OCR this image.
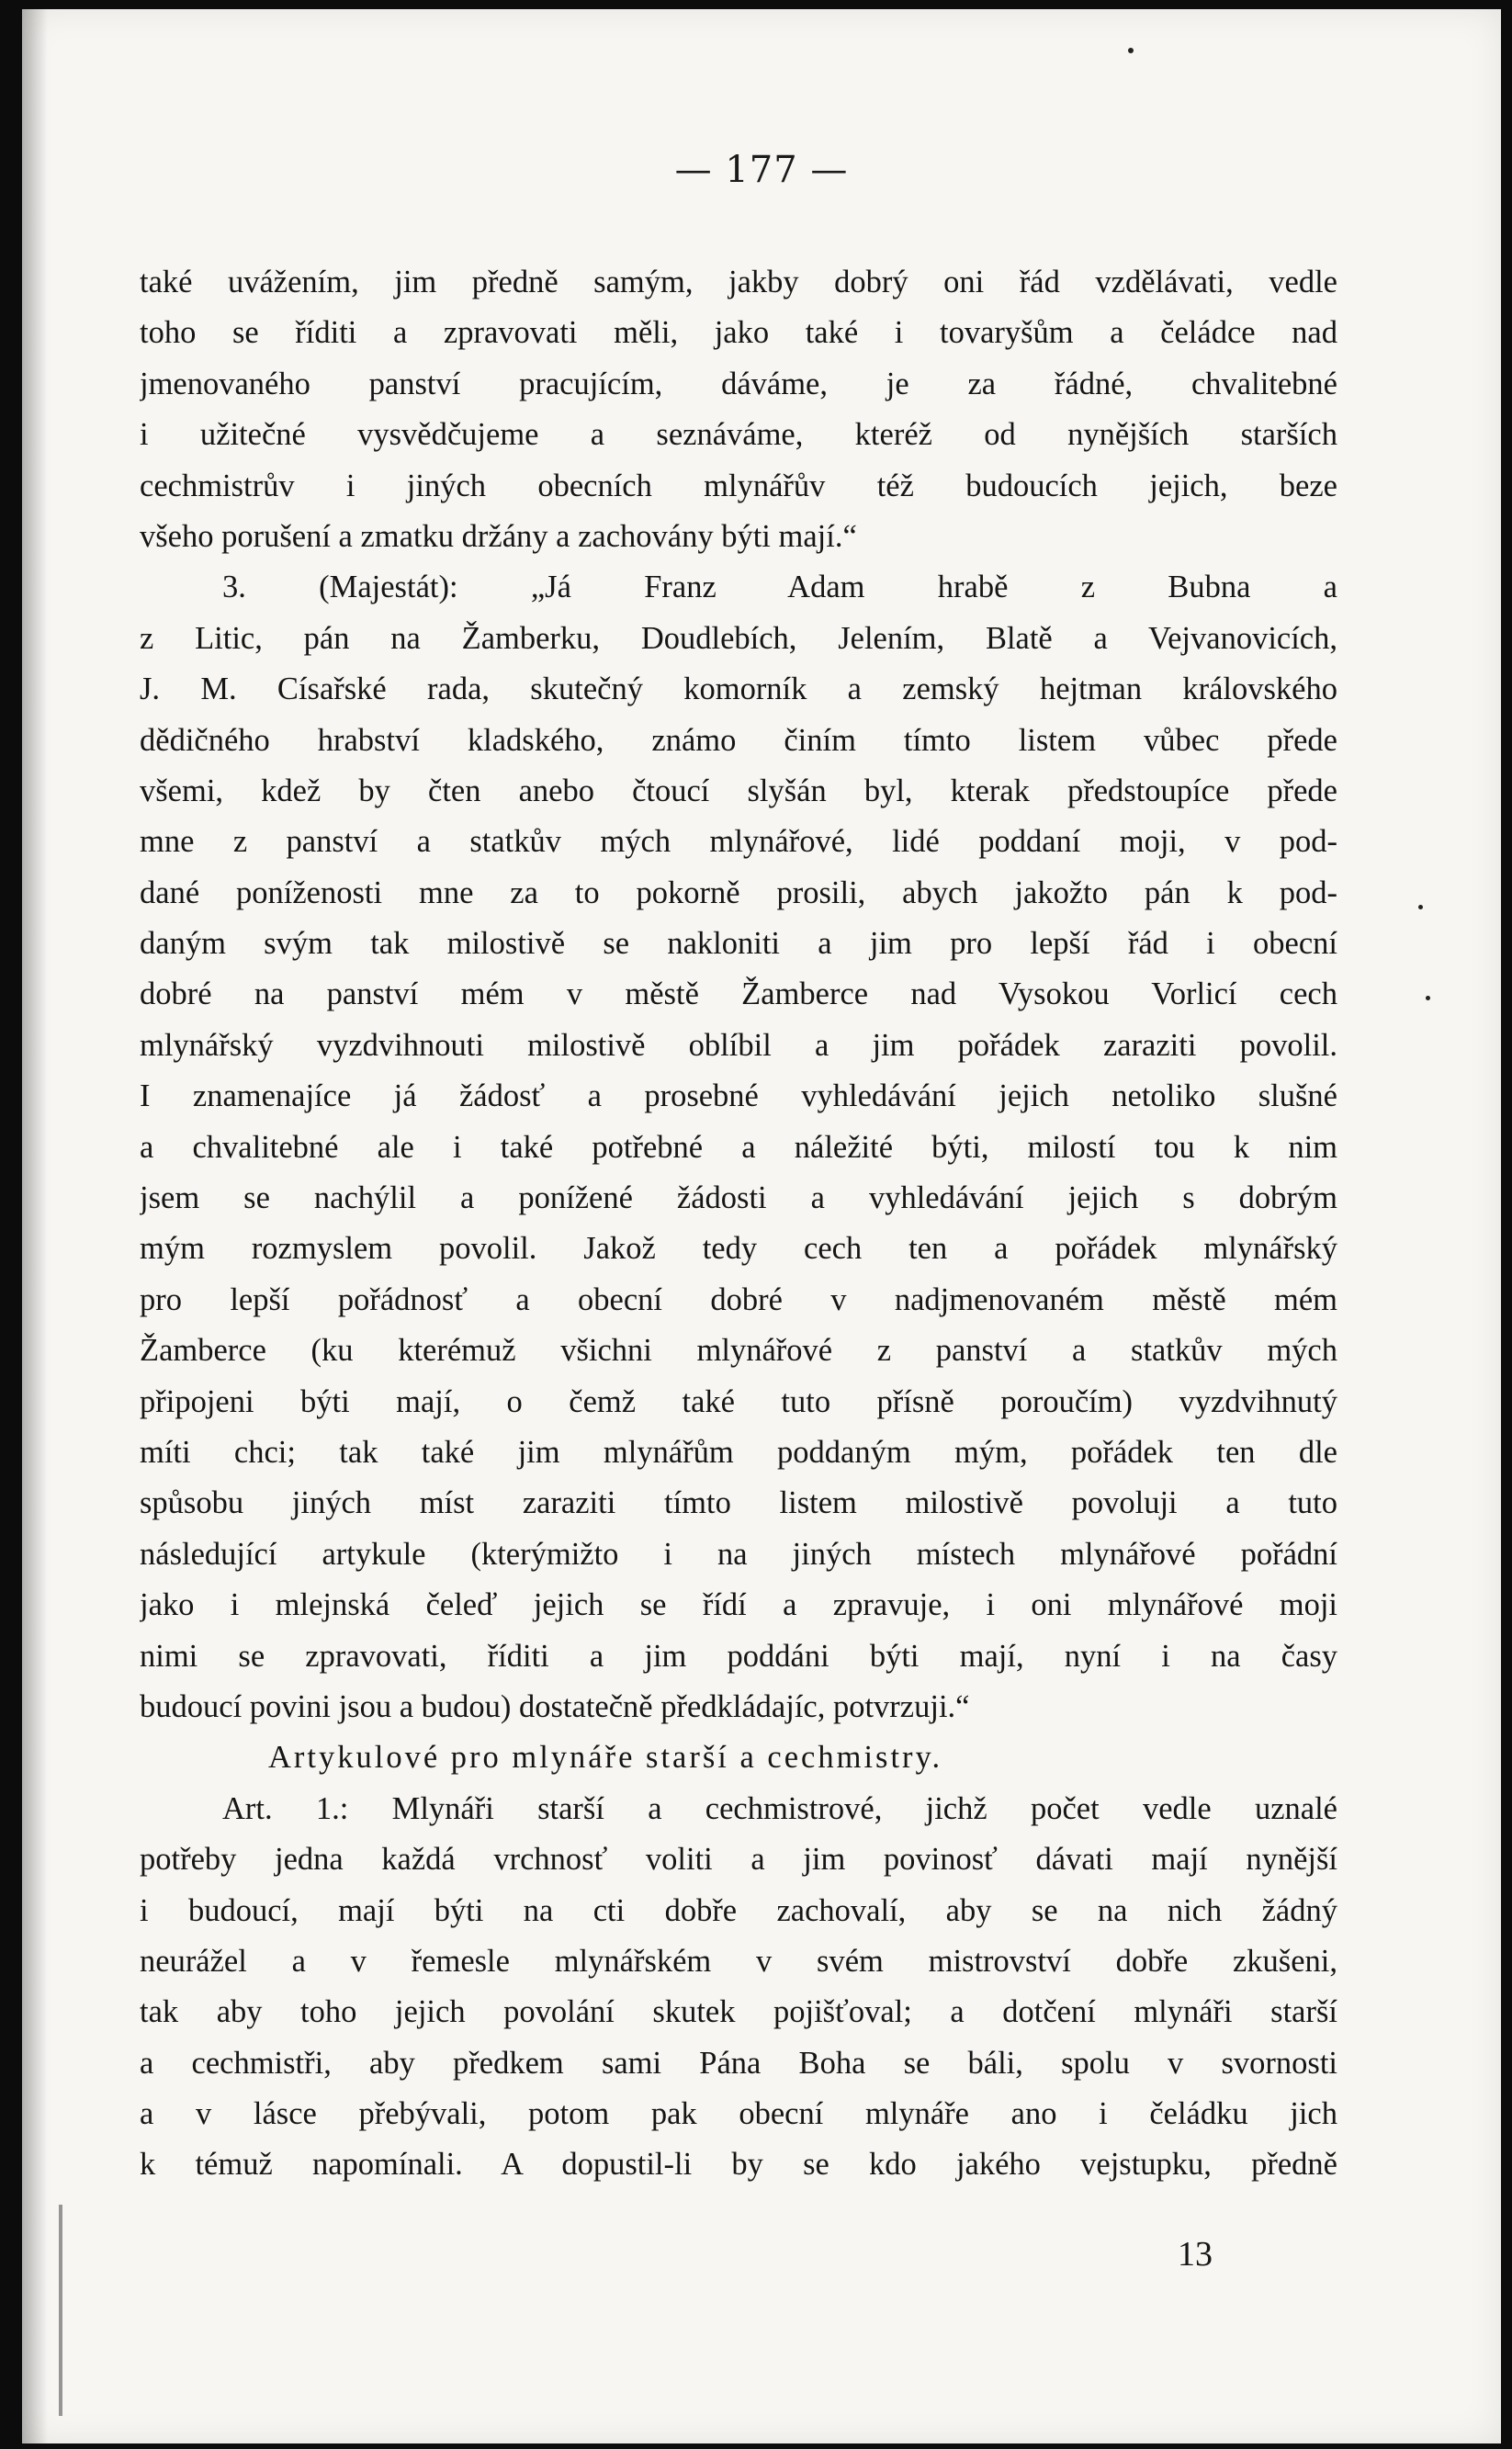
— 177 —
také uvážením, jim předně samým, jakby dobrý oni řád vzdělávati, vedle
toho se říditi a zpravovati měli, jako také i tovaryšům a čeládce nad
jmenovaného panství pracujícím, dáváme, je za řádné, chvalitebné
i užitečné vysvědčujeme a seznáváme, kteréž od nynějších starších
cechmistrův i jiných obecních mlynářův též budoucích jejich, beze
všeho porušení a zmatku držány a zachovány býti mají.“
3. (Majestát): „Já Franz Adam hrabě z Bubna a
z Litic, pán na Žamberku, Doudlebích, Jelením, Blatě a Vejvanovicích,
J. M. Císařské rada, skutečný komorník a zemský hejtman královského
dědičného hrabství kladského, známo činím tímto listem vůbec přede
všemi, kdež by čten anebo čtoucí slyšán byl, kterak předstoupíce přede
mne z panství a statkův mých mlynářové, lidé poddaní moji, v pod-
dané poníženosti mne za to pokorně prosili, abych jakožto pán k pod-
daným svým tak milostivě se nakloniti a jim pro lepší řád i obecní
dobré na panství mém v městě Žamberce nad Vysokou Vorlicí cech
mlynářský vyzdvihnouti milostivě oblíbil a jim pořádek zaraziti povolil.
I znamenajíce já žádosť a prosebné vyhledávání jejich netoliko slušné
a chvalitebné ale i také potřebné a náležité býti, milostí tou k nim
jsem se nachýlil a ponížené žádosti a vyhledávání jejich s dobrým
mým rozmyslem povolil. Jakož tedy cech ten a pořádek mlynářský
pro lepší pořádnosť a obecní dobré v nadjmenovaném městě mém
Žamberce (ku kterémuž všichni mlynářové z panství a statkův mých
připojeni býti mají, o čemž také tuto přísně poroučím) vyzdvihnutý
míti chci; tak také jim mlynářům poddaným mým, pořádek ten dle
spůsobu jiných míst zaraziti tímto listem milostivě povoluji a tuto
následující artykule (kterýmižto i na jiných místech mlynářové pořádní
jako i mlejnská čeleď jejich se řídí a zpravuje, i oni mlynářové moji
nimi se zpravovati, říditi a jim poddáni býti mají, nyní i na časy
budoucí povini jsou a budou) dostatečně předkládajíc, potvrzuji.“
Artykulové pro mlynáře starší a cechmistry.
Art. 1.: Mlynáři starší a cechmistrové, jichž počet vedle uznalé
potřeby jedna každá vrchnosť voliti a jim povinosť dávati mají nynější
i budoucí, mají býti na cti dobře zachovalí, aby se na nich žádný
neurážel a v řemesle mlynářském v svém mistrovství dobře zkušeni,
tak aby toho jejich povolání skutek pojišťoval; a dotčení mlynáři starší
a cechmistři, aby předkem sami Pána Boha se báli, spolu v svornosti
a v lásce přebývali, potom pak obecní mlynáře ano i čeládku jich
k témuž napomínali. A dopustil-li by se kdo jakého vejstupku, předně
13
